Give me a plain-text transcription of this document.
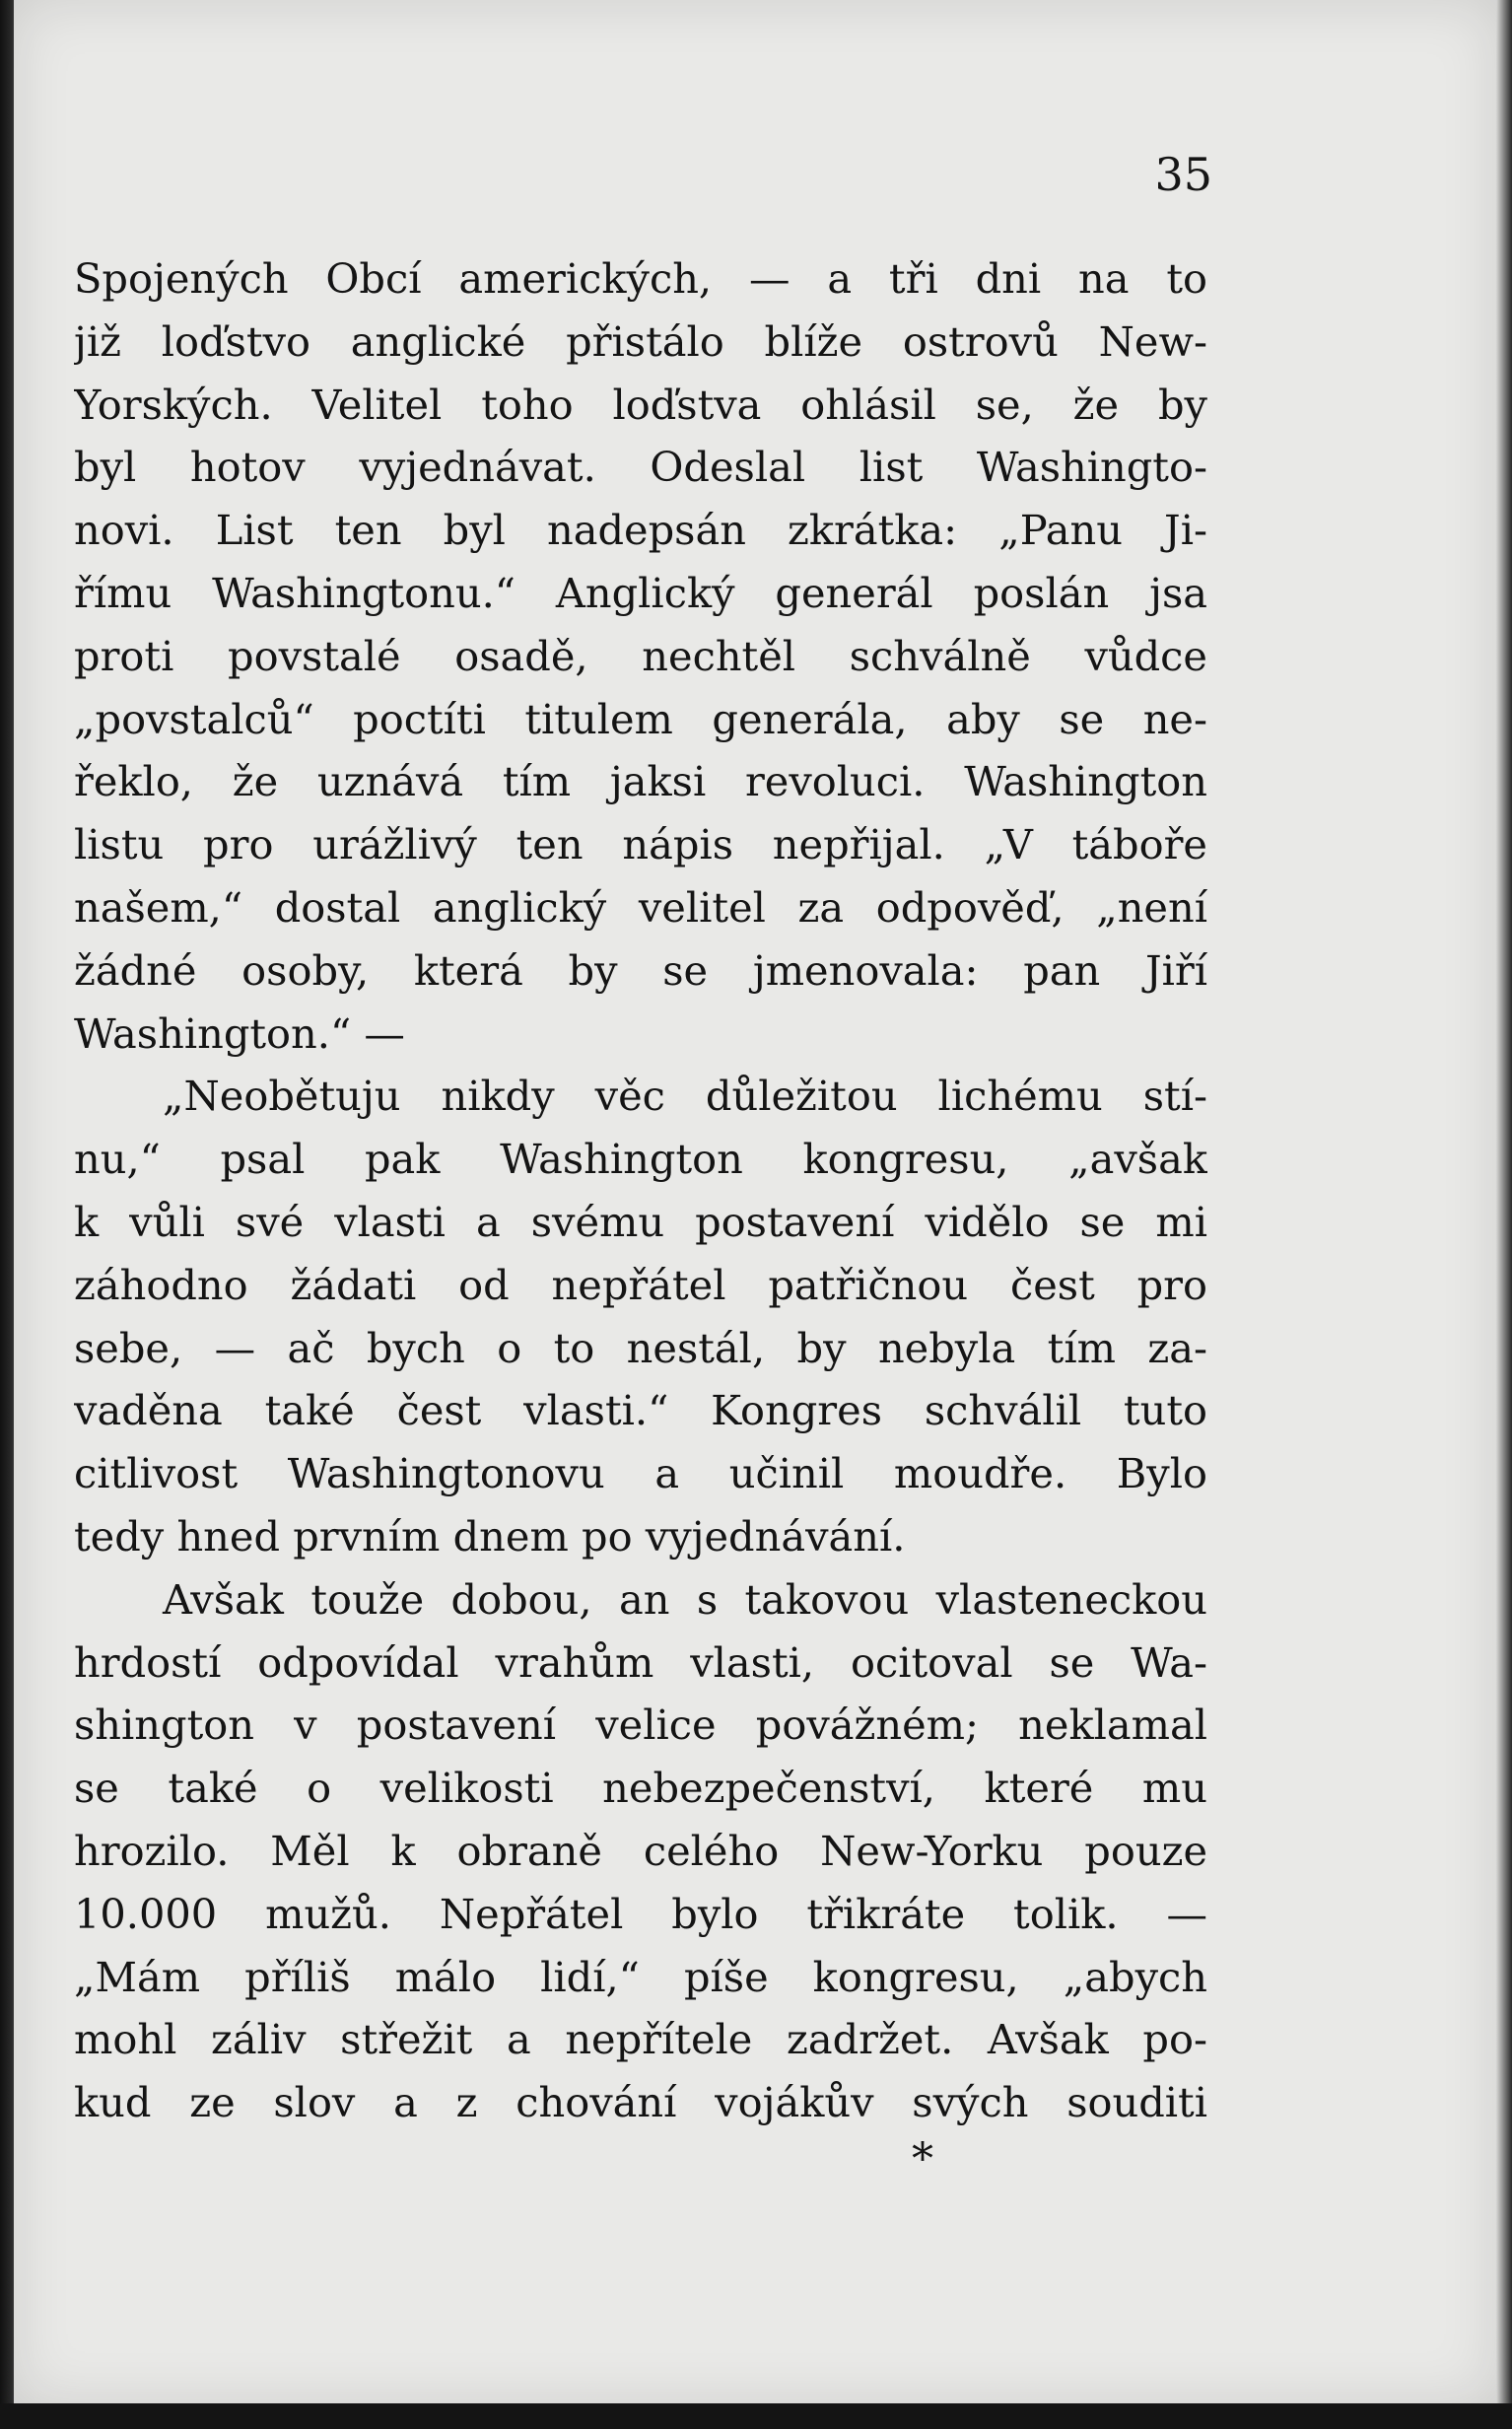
35
Spojených Obcí amerických, — a tři dni na to
již loďstvo anglické přistálo blíže ostrovů New-
Yorských. Velitel toho loďstva ohlásil se, že by
byl hotov vyjednávat. Odeslal list Washingto-
novi. List ten byl nadepsán zkrátka: „Panu Ji-
římu Washingtonu.“ Anglický generál poslán jsa
proti povstalé osadě, nechtěl schválně vůdce
„povstalců“ poctíti titulem generála, aby se ne-
řeklo, že uznává tím jaksi revoluci. Washington
listu pro urážlivý ten nápis nepřijal. „V táboře
našem,“ dostal anglický velitel za odpověď, „není
žádné osoby, která by se jmenovala: pan Jiří
Washington.“ —
„Neobětuju nikdy věc důležitou lichému stí-
nu,“ psal pak Washington kongresu, „avšak
k vůli své vlasti a svému postavení vidělo se mi
záhodno žádati od nepřátel patřičnou čest pro
sebe, — ač bych o to nestál, by nebyla tím za-
vaděna také čest vlasti.“ Kongres schválil tuto
citlivost Washingtonovu a učinil moudře. Bylo
tedy hned prvním dnem po vyjednávání.
Avšak touže dobou, an s takovou vlasteneckou
hrdostí odpovídal vrahům vlasti, ocitoval se Wa-
shington v postavení velice povážném; neklamal
se také o velikosti nebezpečenství, které mu
hrozilo. Měl k obraně celého New-Yorku pouze
10.000 mužů. Nepřátel bylo třikráte tolik. —
„Mám příliš málo lidí,“ píše kongresu, „abych
mohl záliv střežit a nepřítele zadržet. Avšak po-
kud ze slov a z chování vojákův svých souditi
*
